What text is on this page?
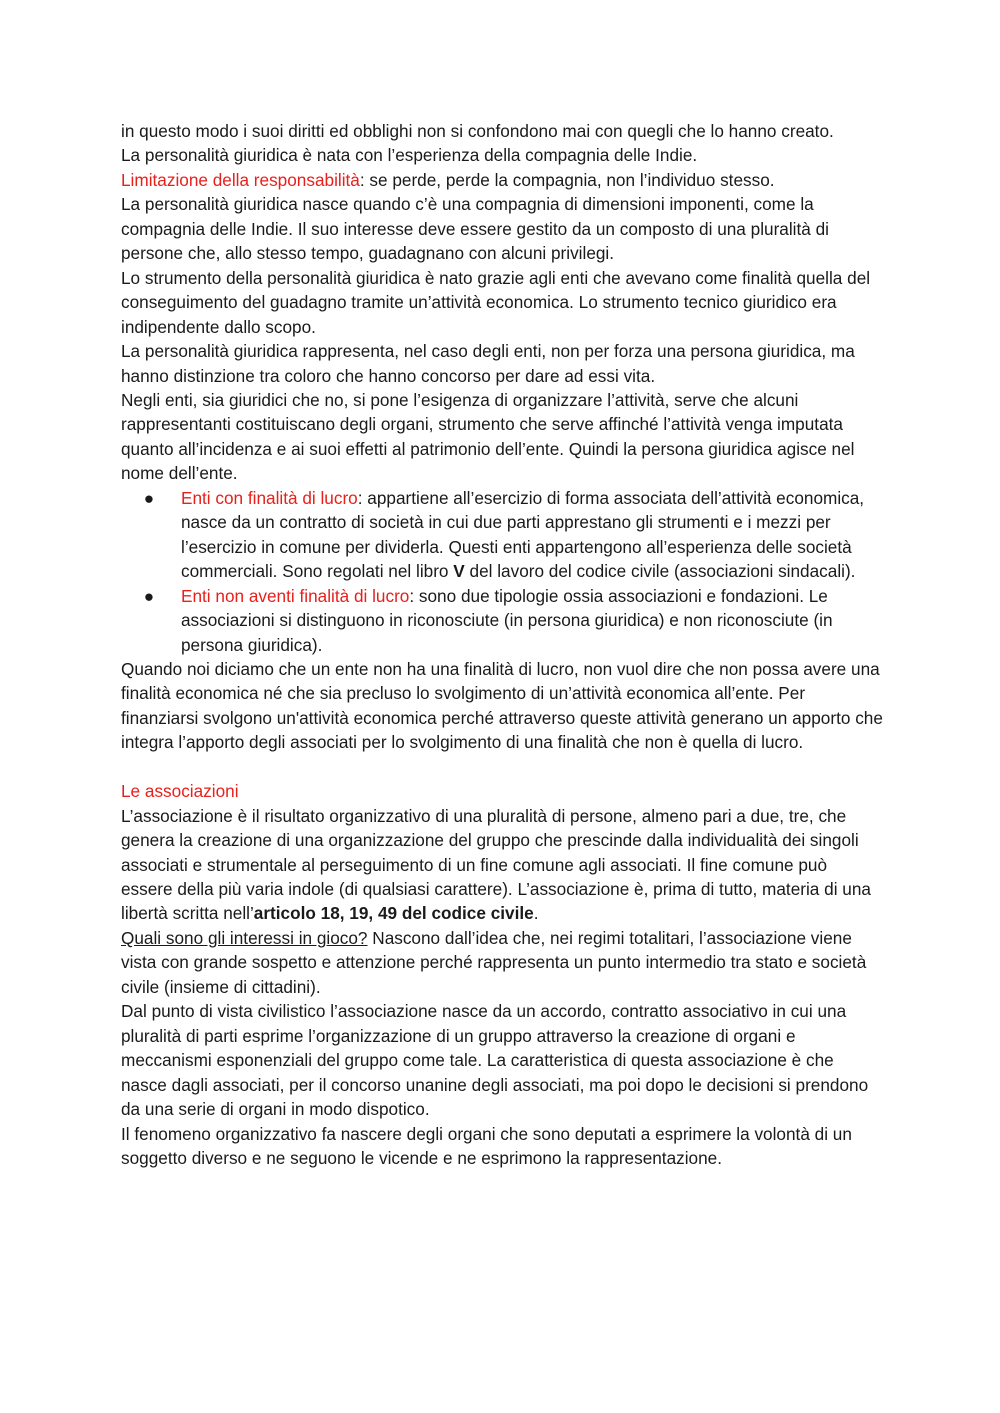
in questo modo i suoi diritti ed obblighi non si confondono mai con quegli che lo hanno creato.

La personalità giuridica è nata con l’esperienza della compagnia delle Indie.

Limitazione della responsabilità: se perde, perde la compagnia, non l’individuo stesso.

La personalità giuridica nasce quando c’è una compagnia di dimensioni imponenti, come la compagnia delle Indie. Il suo interesse deve essere gestito da un composto di una pluralità di persone che, allo stesso tempo, guadagnano con alcuni privilegi.

Lo strumento della personalità giuridica è nato grazie agli enti che avevano come finalità quella del conseguimento del guadagno tramite un’attività economica. Lo strumento tecnico giuridico era indipendente dallo scopo.

La personalità giuridica rappresenta, nel caso degli enti, non per forza una persona giuridica, ma hanno distinzione tra coloro che hanno concorso per dare ad essi vita.

Negli enti, sia giuridici che no, si pone l’esigenza di organizzare l’attività, serve che alcuni rappresentanti costituiscano degli organi, strumento che serve affinché l’attività venga imputata quanto all’incidenza e ai suoi effetti al patrimonio dell’ente. Quindi la persona giuridica agisce nel nome dell’ente.

● Enti con finalità di lucro: appartiene all’esercizio di forma associata dell’attività economica, nasce da un contratto di società in cui due parti apprestano gli strumenti e i mezzi per l’esercizio in comune per dividerla. Questi enti appartengono all’esperienza delle società commerciali. Sono regolati nel libro V del lavoro del codice civile (associazioni sindacali).
● Enti non aventi finalità di lucro: sono due tipologie ossia associazioni e fondazioni. Le associazioni si distinguono in riconosciute (in persona giuridica) e non riconosciute (in persona giuridica).

Quando noi diciamo che un ente non ha una finalità di lucro, non vuol dire che non possa avere una finalità economica né che sia precluso lo svolgimento di un’attività economica all’ente. Per finanziarsi svolgono un'attività economica perché attraverso queste attività generano un apporto che integra l’apporto degli associati per lo svolgimento di una finalità che non è quella di lucro.

Le associazioni

L’associazione è il risultato organizzativo di una pluralità di persone, almeno pari a due, tre, che genera la creazione di una organizzazione del gruppo che prescinde dalla individualità dei singoli associati e strumentale al perseguimento di un fine comune agli associati. Il fine comune può essere della più varia indole (di qualsiasi carattere). L’associazione è, prima di tutto, materia di una libertà scritta nell’articolo 18, 19, 49 del codice civile.

Quali sono gli interessi in gioco? Nascono dall’idea che, nei regimi totalitari, l’associazione viene vista con grande sospetto e attenzione perché rappresenta un punto intermedio tra stato e società civile (insieme di cittadini).

Dal punto di vista civilistico l’associazione nasce da un accordo, contratto associativo in cui una pluralità di parti esprime l’organizzazione di un gruppo attraverso la creazione di organi e meccanismi esponenziali del gruppo come tale. La caratteristica di questa associazione è che nasce dagli associati, per il concorso unanine degli associati, ma poi dopo le decisioni si prendono da una serie di organi in modo dispotico.

Il fenomeno organizzativo fa nascere degli organi che sono deputati a esprimere la volontà di un soggetto diverso e ne seguono le vicende e ne esprimono la rappresentazione.
